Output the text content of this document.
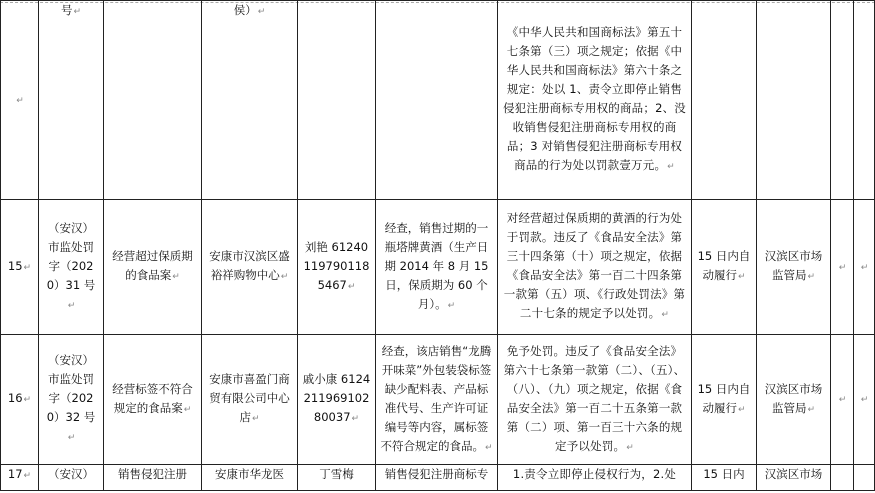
↵	号↵		侯）↵			《中华人民共和国商标法》第五十七条第（三）项之规定；依据《中华人民共和国商标法》第六十条之规定：处以 1、责令立即停止销售侵犯注册商标专用权的商品；2、没收销售侵犯注册商标专用权的商品；3 对销售侵犯注册商标专用权商品的行为处以罚款壹万元。↵				
15↵	（安汉）市监处罚字（2020）31 号↵	经营超过保质期的食品案↵	安康市汉滨区盛裕祥购物中心↵	刘艳 612401197901185467↵	经查，销售过期的一瓶塔牌黄酒（生产日期 2014 年 8 月 15 日，保质期为 60 个月）。↵	对经营超过保质期的黄酒的行为处于罚款。违反了《食品安全法》第三十四条第（十）项之规定，依据《食品安全法》第一百二十四条第一款第（五）项、《行政处罚法》第二十七条的规定予以处罚。↵	15 日内自动履行↵	汉滨区市场监管局↵	↵	↵
16↵	（安汉）市监处罚字（2020）32 号↵	经营标签不符合规定的食品案↵	安康市喜盈门商贸有限公司中心店↵	戚小康 612421196910280037↵	经查，该店销售“龙腾开味菜”外包装袋标签缺少配料表、产品标准代号、生产许可证编号等内容，属标签不符合规定的食品。↵	免予处罚。违反了《食品安全法》第六十七条第一款第（二）、（五）、（八）、（九）项之规定，依据《食品安全法》第一百二十五条第一款第（二）项、第一百三十六条的规定予以处罚。↵	15 日内自动履行↵	汉滨区市场监管局↵	↵	↵
17↵	（安汉）	销售侵犯注册	安康市华龙医	丁雪梅	销售侵犯注册商标专	1.责令立即停止侵权行为，2.处	15 日内	汉滨区市场		
